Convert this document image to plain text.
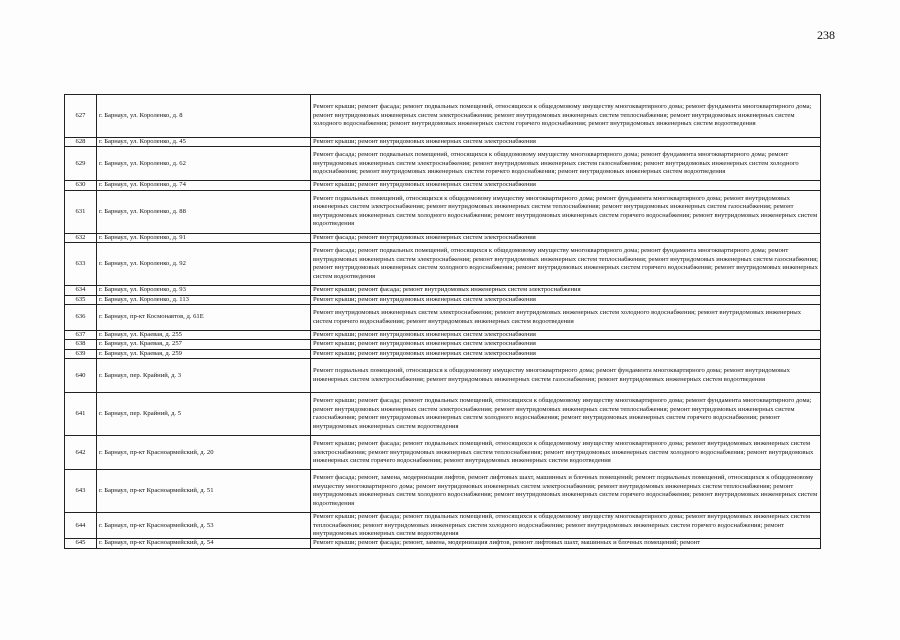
238
627	г. Барнаул, ул. Короленко, д. 8	Ремонт крыши; ремонт фасада; ремонт подвальных помещений, относящихся к общедомовому имуществу многоквартирного дома; ремонт фундамента многоквартирного дома; ремонт внутридомовых инженерных систем электроснабжения; ремонт внутридомовых инженерных систем теплоснабжения; ремонт внутридомовых инженерных систем холодного водоснабжения; ремонт внутридомовых инженерных систем горячего водоснабжения; ремонт внутридомовых инженерных систем водоотведения
628	г. Барнаул, ул. Короленко, д. 45	Ремонт крыши; ремонт внутридомовых инженерных систем электроснабжения
629	г. Барнаул, ул. Короленко, д. 62	Ремонт фасада; ремонт подвальных помещений, относящихся к общедомовому имуществу многоквартирного дома; ремонт фундамента многоквартирного дома; ремонт внутридомовых инженерных систем электроснабжения; ремонт внутридомовых инженерных систем газоснабжения; ремонт внутридомовых инженерных систем холодного водоснабжения; ремонт внутридомовых инженерных систем горячего водоснабжения; ремонт внутридомовых инженерных систем водоотведения
630	г. Барнаул, ул. Короленко, д. 74	Ремонт крыши; ремонт внутридомовых инженерных систем электроснабжения
631	г. Барнаул, ул. Короленко, д. 88	Ремонт подвальных помещений, относящихся к общедомовому имуществу многоквартирного дома; ремонт фундамента многоквартирного дома; ремонт внутридомовых инженерных систем электроснабжения; ремонт внутридомовых инженерных систем теплоснабжения; ремонт внутридомовых инженерных систем газоснабжения; ремонт внутридомовых инженерных систем холодного водоснабжения; ремонт внутридомовых инженерных систем горячего водоснабжения; ремонт внутридомовых инженерных систем водоотведения
632	г. Барнаул, ул. Короленко, д. 91	Ремонт фасада; ремонт внутридомовых инженерных систем электроснабжения
633	г. Барнаул, ул. Короленко, д. 92	Ремонт фасада; ремонт подвальных помещений, относящихся к общедомовому имуществу многоквартирного дома; ремонт фундамента многоквартирного дома; ремонт внутридомовых инженерных систем электроснабжения; ремонт внутридомовых инженерных систем теплоснабжения; ремонт внутридомовых инженерных систем газоснабжения; ремонт внутридомовых инженерных систем холодного водоснабжения; ремонт внутридомовых инженерных систем горячего водоснабжения; ремонт внутридомовых инженерных систем водоотведения
634	г. Барнаул, ул. Короленко, д. 93	Ремонт крыши; ремонт фасада; ремонт внутридомовых инженерных систем электроснабжения
635	г. Барнаул, ул. Короленко, д. 113	Ремонт крыши; ремонт внутридомовых инженерных систем электроснабжения
636	г. Барнаул, пр-кт Космонавтов, д. 61Е	Ремонт внутридомовых инженерных систем электроснабжения; ремонт внутридомовых инженерных систем холодного водоснабжения; ремонт внутридомовых инженерных систем горячего водоснабжения; ремонт внутридомовых инженерных систем водоотведения
637	г. Барнаул, ул. Краевая, д. 255	Ремонт крыши; ремонт внутридомовых инженерных систем электроснабжения
638	г. Барнаул, ул. Краевая, д. 257	Ремонт крыши; ремонт внутридомовых инженерных систем электроснабжения
639	г. Барнаул, ул. Краевая, д. 259	Ремонт крыши; ремонт внутридомовых инженерных систем электроснабжения
640	г. Барнаул, пер. Крайний, д. 3	Ремонт подвальных помещений, относящихся к общедомовому имуществу многоквартирного дома; ремонт фундамента многоквартирного дома; ремонт внутридомовых инженерных систем электроснабжения; ремонт внутридомовых инженерных систем газоснабжения; ремонт внутридомовых инженерных систем водоотведения
641	г. Барнаул, пер. Крайний, д. 5	Ремонт крыши; ремонт фасада; ремонт подвальных помещений, относящихся к общедомовому имуществу многоквартирного дома; ремонт фундамента многоквартирного дома; ремонт внутридомовых инженерных систем электроснабжения; ремонт внутридомовых инженерных систем теплоснабжения; ремонт внутридомовых инженерных систем газоснабжения; ремонт внутридомовых инженерных систем холодного водоснабжения; ремонт внутридомовых инженерных систем горячего водоснабжения; ремонт внутридомовых инженерных систем водоотведения
642	г. Барнаул, пр-кт Красноармейский, д. 20	Ремонт крыши; ремонт фасада; ремонт подвальных помещений, относящихся к общедомовому имуществу многоквартирного дома; ремонт внутридомовых инженерных систем электроснабжения; ремонт внутридомовых инженерных систем теплоснабжения; ремонт внутридомовых инженерных систем холодного водоснабжения; ремонт внутридомовых инженерных систем горячего водоснабжения; ремонт внутридомовых инженерных систем водоотведения
643	г. Барнаул, пр-кт Красноармейский, д. 51	Ремонт фасада; ремонт, замена, модернизация лифтов, ремонт лифтовых шахт, машинных и блочных помещений; ремонт подвальных помещений, относящихся к общедомовому имуществу многоквартирного дома; ремонт внутридомовых инженерных систем электроснабжения; ремонт внутридомовых инженерных систем теплоснабжения; ремонт внутридомовых инженерных систем холодного водоснабжения; ремонт внутридомовых инженерных систем горячего водоснабжения; ремонт внутридомовых инженерных систем водоотведения
644	г. Барнаул, пр-кт Красноармейский, д. 53	Ремонт крыши; ремонт фасада; ремонт подвальных помещений, относящихся к общедомовому имуществу многоквартирного дома; ремонт внутридомовых инженерных систем теплоснабжения; ремонт внутридомовых инженерных систем холодного водоснабжения; ремонт внутридомовых инженерных систем горячего водоснабжения; ремонт внутридомовых инженерных систем водоотведения
645	г. Барнаул, пр-кт Красноармейский, д. 54	Ремонт крыши; ремонт фасада; ремонт, замена, модернизация лифтов, ремонт лифтовых шахт, машинных и блочных помещений; ремонт
